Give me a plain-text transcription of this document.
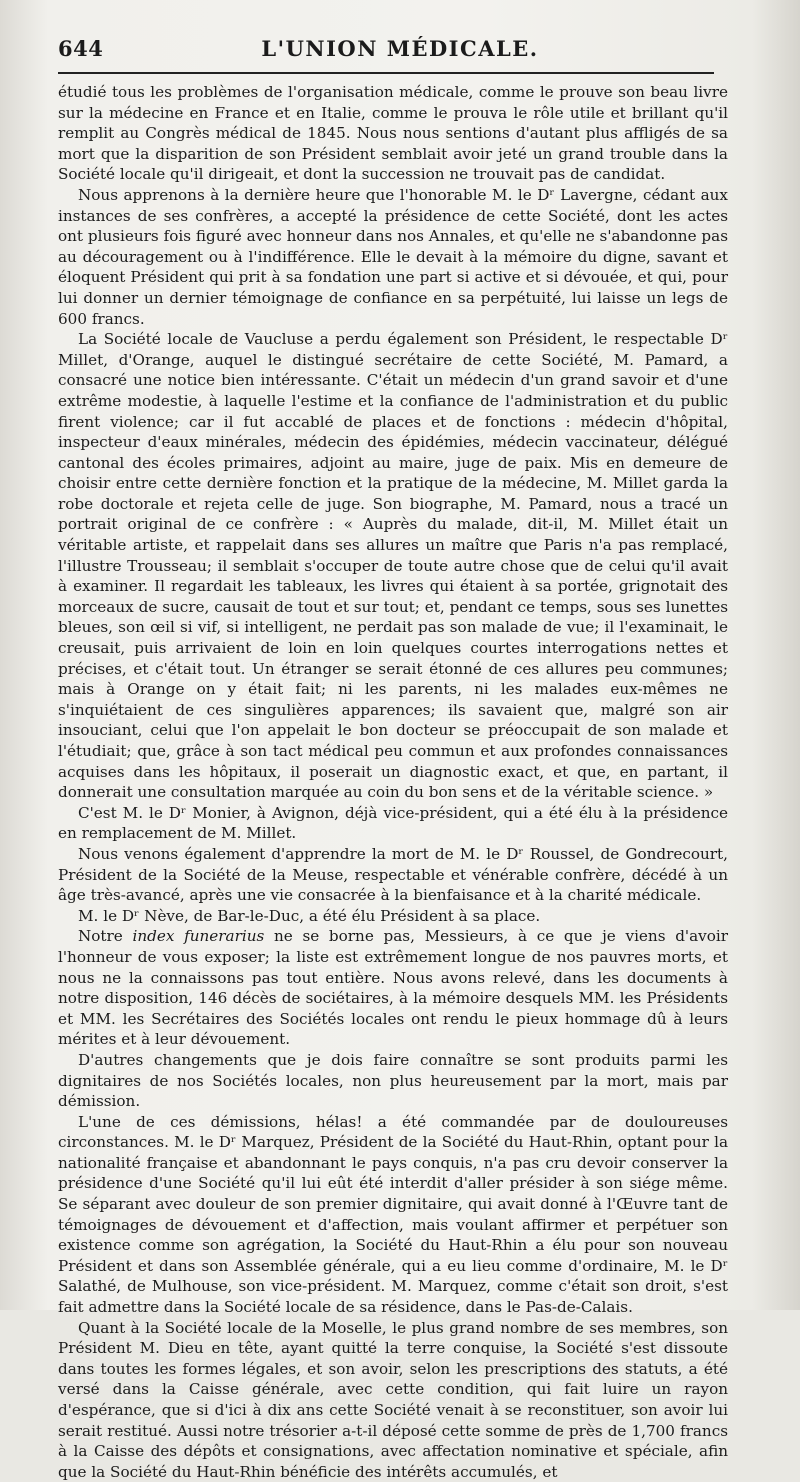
644	L'UNION MÉDICALE.

étudié tous les problèmes de l'organisation médicale, comme le prouve son beau livre sur la médecine en France et en Italie, comme le prouva le rôle utile et brillant qu'il remplit au Congrès médical de 1845. Nous nous sentions d'autant plus affligés de sa mort que la disparition de son Président semblait avoir jeté un grand trouble dans la Société locale qu'il dirigeait, et dont la succession ne trouvait pas de candidat.

Nous apprenons à la dernière heure que l'honorable M. le Dʳ Lavergne, cédant aux instances de ses confrères, a accepté la présidence de cette Société, dont les actes ont plusieurs fois figuré avec honneur dans nos Annales, et qu'elle ne s'abandonne pas au découragement ou à l'indifférence. Elle le devait à la mémoire du digne, savant et éloquent Président qui prit à sa fondation une part si active et si dévouée, et qui, pour lui donner un dernier témoignage de confiance en sa perpétuité, lui laisse un legs de 600 francs.

La Société locale de Vaucluse a perdu également son Président, le respectable Dʳ Millet, d'Orange, auquel le distingué secrétaire de cette Société, M. Pamard, a consacré une notice bien intéressante. C'était un médecin d'un grand savoir et d'une extrême modestie, à laquelle l'estime et la confiance de l'administration et du public firent violence; car il fut accablé de places et de fonctions : médecin d'hôpital, inspecteur d'eaux minérales, médecin des épidémies, médecin vaccinateur, délégué cantonal des écoles primaires, adjoint au maire, juge de paix. Mis en demeure de choisir entre cette dernière fonction et la pratique de la médecine, M. Millet garda la robe doctorale et rejeta celle de juge. Son biographe, M. Pamard, nous a tracé un portrait original de ce confrère : « Auprès du malade, dit-il, M. Millet était un véritable artiste, et rappelait dans ses allures un maître que Paris n'a pas remplacé, l'illustre Trousseau; il semblait s'occuper de toute autre chose que de celui qu'il avait à examiner. Il regardait les tableaux, les livres qui étaient à sa portée, grignotait des morceaux de sucre, causait de tout et sur tout; et, pendant ce temps, sous ses lunettes bleues, son œil si vif, si intelligent, ne perdait pas son malade de vue; il l'examinait, le creusait, puis arrivaient de loin en loin quelques courtes interrogations nettes et précises, et c'était tout. Un étranger se serait étonné de ces allures peu communes; mais à Orange on y était fait; ni les parents, ni les malades eux-mêmes ne s'inquiétaient de ces singulières apparences; ils savaient que, malgré son air insouciant, celui que l'on appelait le bon docteur se préoccupait de son malade et l'étudiait; que, grâce à son tact médical peu commun et aux profondes connaissances acquises dans les hôpitaux, il poserait un diagnostic exact, et que, en partant, il donnerait une consultation marquée au coin du bon sens et de la véritable science. »

C'est M. le Dʳ Monier, à Avignon, déjà vice-président, qui a été élu à la présidence en remplacement de M. Millet.

Nous venons également d'apprendre la mort de M. le Dʳ Roussel, de Gondrecourt, Président de la Société de la Meuse, respectable et vénérable confrère, décédé à un âge très-avancé, après une vie consacrée à la bienfaisance et à la charité médicale.

M. le Dʳ Nève, de Bar-le-Duc, a été élu Président à sa place.

Notre index funerarius ne se borne pas, Messieurs, à ce que je viens d'avoir l'honneur de vous exposer; la liste est extrêmement longue de nos pauvres morts, et nous ne la connaissons pas tout entière. Nous avons relevé, dans les documents à notre disposition, 146 décès de sociétaires, à la mémoire desquels MM. les Présidents et MM. les Secrétaires des Sociétés locales ont rendu le pieux hommage dû à leurs mérites et à leur dévouement.

D'autres changements que je dois faire connaître se sont produits parmi les dignitaires de nos Sociétés locales, non plus heureusement par la mort, mais par démission.

L'une de ces démissions, hélas! a été commandée par de douloureuses circonstances. M. le Dʳ Marquez, Président de la Société du Haut-Rhin, optant pour la nationalité française et abandonnant le pays conquis, n'a pas cru devoir conserver la présidence d'une Société qu'il lui eût été interdit d'aller présider à son siége même. Se séparant avec douleur de son premier dignitaire, qui avait donné à l'Œuvre tant de témoignages de dévouement et d'affection, mais voulant affirmer et perpétuer son existence comme son agrégation, la Société du Haut-Rhin a élu pour son nouveau Président et dans son Assemblée générale, qui a eu lieu comme d'ordinaire, M. le Dʳ Salathé, de Mulhouse, son vice-président. M. Marquez, comme c'était son droit, s'est fait admettre dans la Société locale de sa résidence, dans le Pas-de-Calais.

Quant à la Société locale de la Moselle, le plus grand nombre de ses membres, son Président M. Dieu en tête, ayant quitté la terre conquise, la Société s'est dissoute dans toutes les formes légales, et son avoir, selon les prescriptions des statuts, a été versé dans la Caisse générale, avec cette condition, qui fait luire un rayon d'espérance, que si d'ici à dix ans cette Société venait à se reconstituer, son avoir lui serait restitué. Aussi notre trésorier a-t-il déposé cette somme de près de 1,700 francs à la Caisse des dépôts et consignations, avec affectation nominative et spéciale, afin que la Société du Haut-Rhin bénéficie des intérêts accumulés, et
